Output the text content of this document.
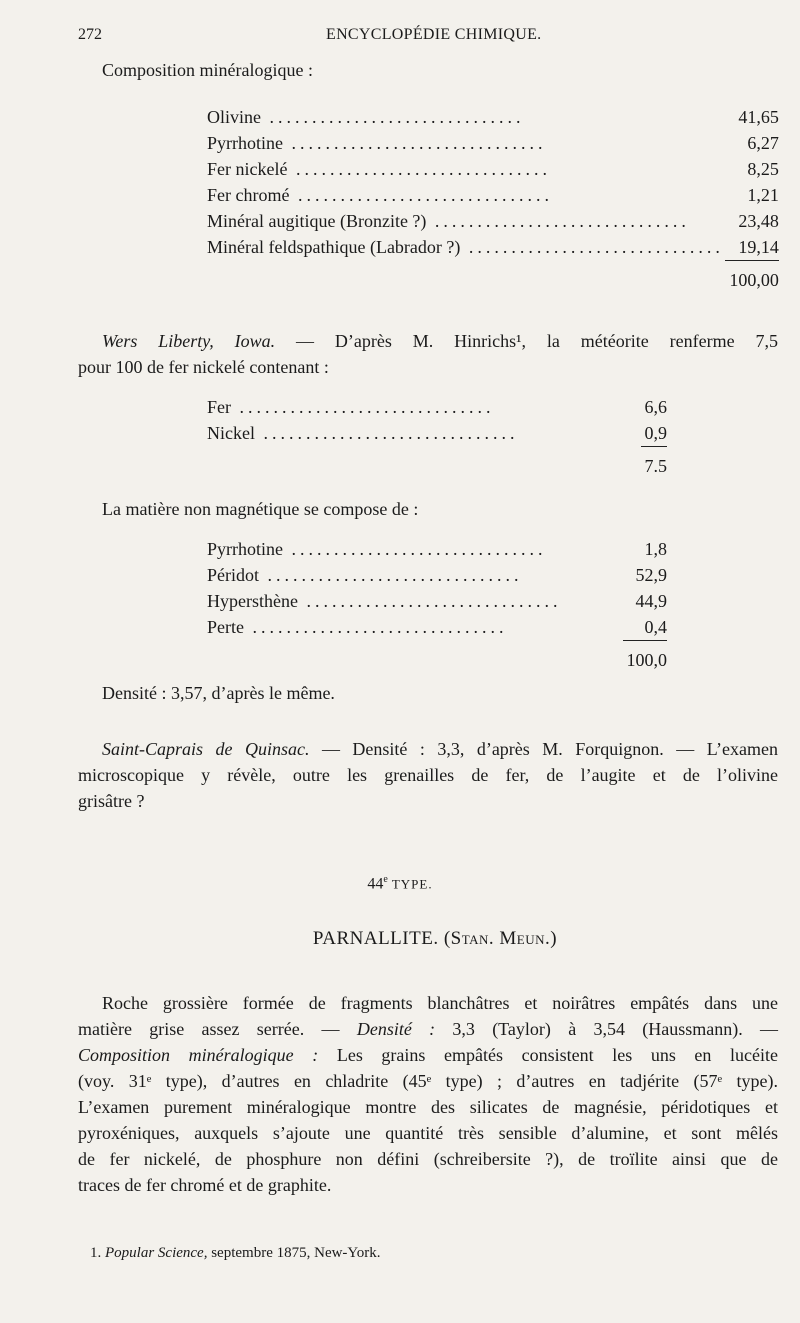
272	ENCYCLOPÉDIE CHIMIQUE.
Composition minéralogique :
Olivine ..............................	41,65
Pyrrhotine ..............................	6,27
Fer nickelé ..............................	8,25
Fer chromé ..............................	1,21
Minéral augitique (Bronzite ?) ..............................	23,48
Minéral feldspathique (Labrador ?) ..............................	19,14
	100,00
Wers Liberty, Iowa. — D’après M. Hinrichs¹, la météorite renferme 7,5
pour 100 de fer nickelé contenant :
Fer ..............................	6,6
Nickel ..............................	0,9
	7.5
La matière non magnétique se compose de :
Pyrrhotine ..............................	1,8
Péridot ..............................	52,9
Hypersthène ..............................	44,9
Perte ..............................	0,4
	100,0
Densité : 3,57, d’après le même.
Saint-Caprais de Quinsac. — Densité : 3,3, d’après M. Forquignon. — L’examen
microscopique y révèle, outre les grenailles de fer, de l’augite et de l’olivine
grisâtre ?
44e TYPE.
PARNALLITE. (Stan. Meun.)
Roche grossière formée de fragments blanchâtres et noirâtres empâtés dans une
matière grise assez serrée. — Densité : 3,3 (Taylor) à 3,54 (Haussmann). —
Composition minéralogique : Les grains empâtés consistent les uns en lucéite
(voy. 31ᵉ type), d’autres en chladrite (45ᵉ type) ; d’autres en tadjérite (57ᵉ type).
L’examen purement minéralogique montre des silicates de magnésie, péridotiques et
pyroxéniques, auxquels s’ajoute une quantité très sensible d’alumine, et sont mêlés
de fer nickelé, de phosphure non défini (schreibersite ?), de troïlite ainsi que de
traces de fer chromé et de graphite.
1. Popular Science, septembre 1875, New-York.
